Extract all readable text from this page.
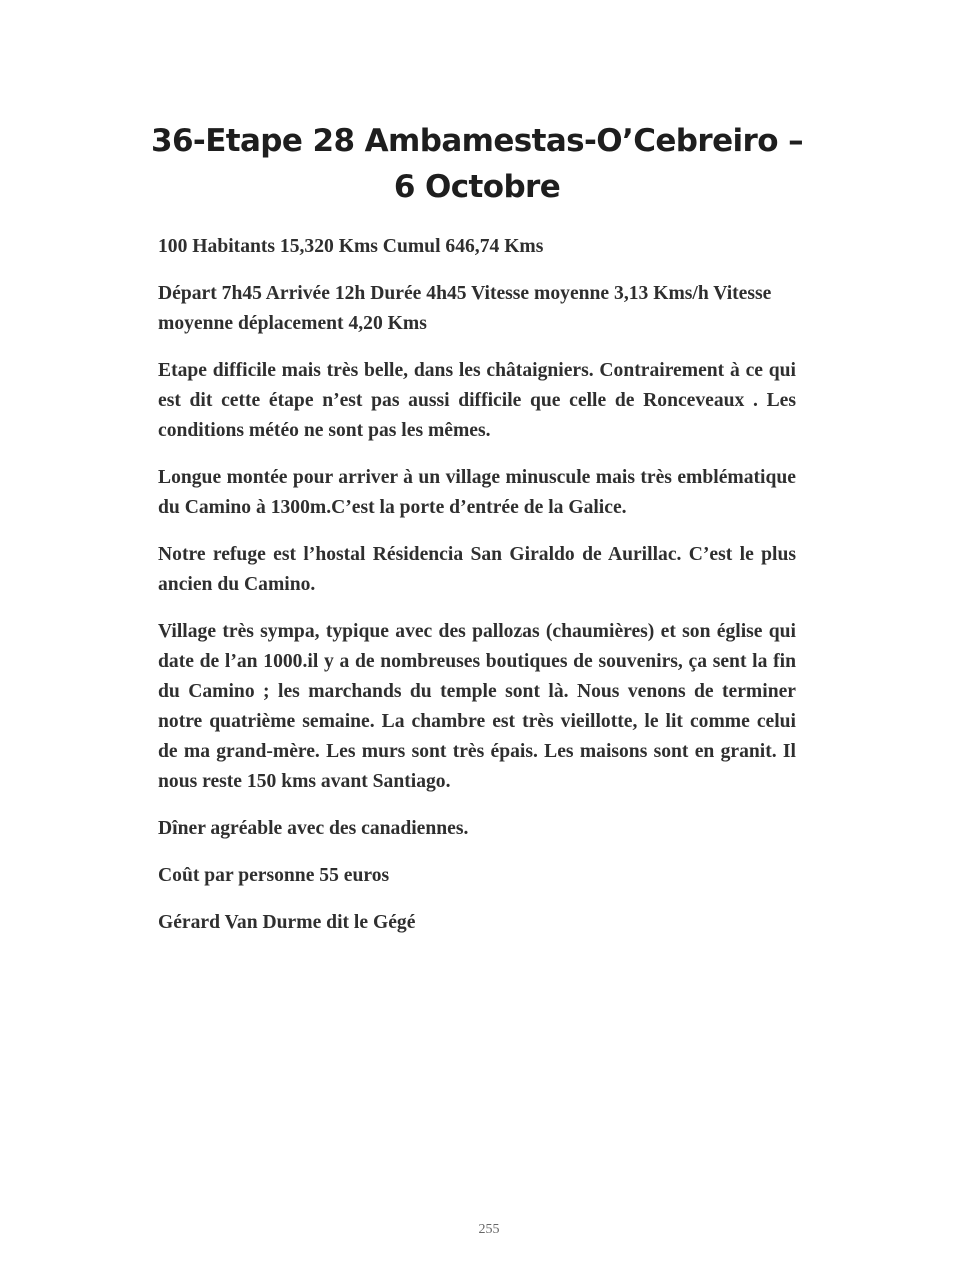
36-Etape 28 Ambamestas-O’Cebreiro – 6 Octobre

100 Habitants 15,320 Kms Cumul 646,74 Kms

Départ 7h45 Arrivée 12h Durée 4h45 Vitesse moyenne 3,13 Kms/h Vitesse moyenne déplacement 4,20 Kms

Etape difficile mais très belle, dans les châtaigniers. Contrairement à ce qui est dit cette étape n’est pas aussi difficile que celle de Ronceveaux . Les conditions météo ne sont pas les mêmes.

Longue montée pour arriver à un village minuscule mais très emblématique du Camino à 1300m.C’est la porte d’entrée de la Galice.

Notre refuge est l’hostal Résidencia San Giraldo de Aurillac. C’est le plus ancien du Camino.

Village très sympa, typique avec des pallozas (chaumières) et son église qui date de l’an 1000.il y a de nombreuses boutiques de souvenirs, ça sent la fin du Camino ; les marchands du temple sont là. Nous venons de terminer notre quatrième semaine. La chambre est très vieillotte, le lit comme celui de ma grand-mère. Les murs sont très épais. Les maisons sont en granit. Il nous reste 150 kms avant Santiago.

Dîner agréable avec des canadiennes.

Coût par personne 55 euros

Gérard Van Durme dit le Gégé

255
